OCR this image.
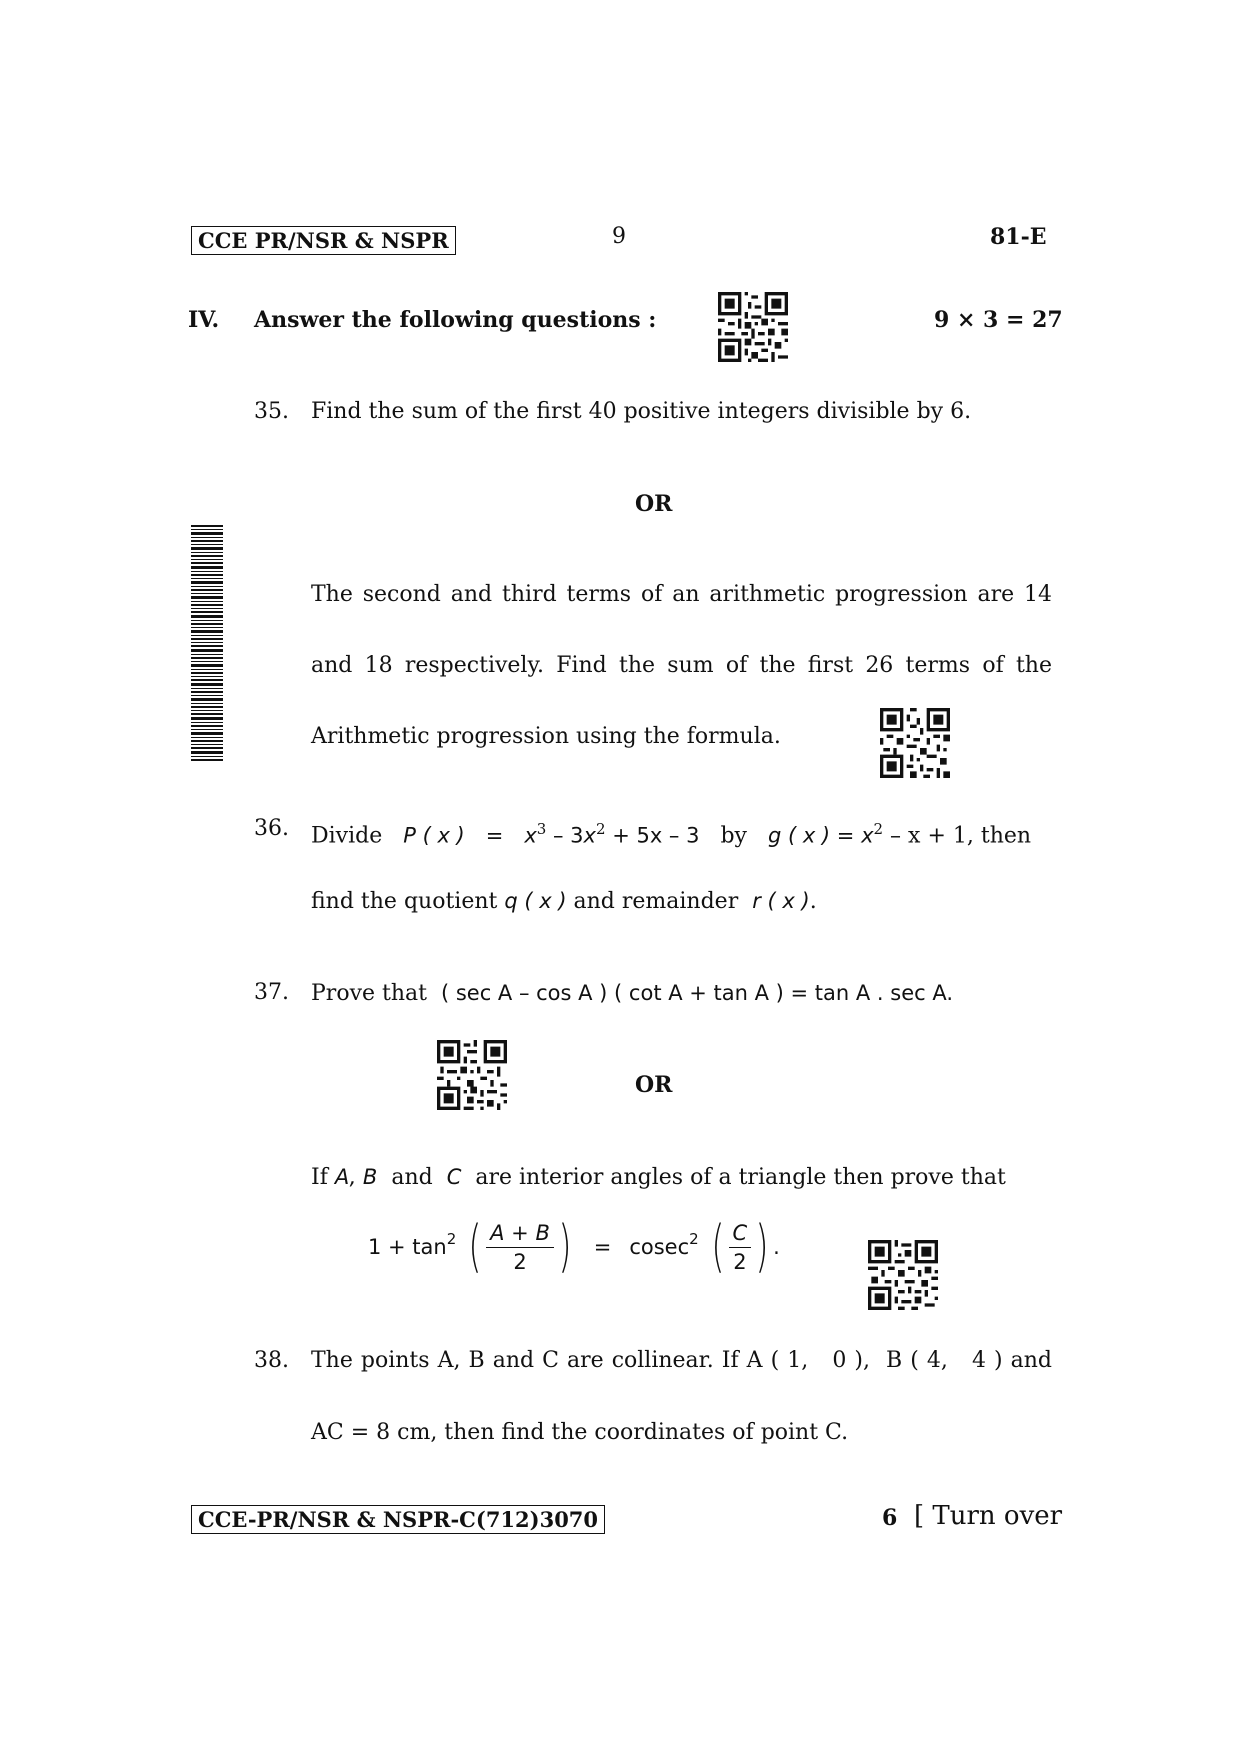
CCE PR/NSR & NSPR	9	81-E
IV. Answer the following questions :	9 × 3 = 27
35. Find the sum of the first 40 positive integers divisible by 6.
OR
The second and third terms of an arithmetic progression are 14
and 18 respectively. Find the sum of the first 26 terms of the
Arithmetic progression using the formula.
36. Divide P ( x ) = $x^3 - 3x^2 + 5x - 3$ by g ( x ) = $x^2 - x + 1$, then
find the quotient q ( x ) and remainder  r ( x ).
37. Prove that  ( sec A – cos A ) ( cot A + tan A ) = tan A . sec A.
OR
If A, B  and  C  are interior angles of a triangle then prove that
$1 + \tan^2$ ( $\frac{A + B}{2}$ ) = cosec$^2$ ( $\frac{C}{2}$ ) .
38. The points A, B and C are collinear. If A ( 1,   0 ),  B ( 4,   4 ) and
AC = 8 cm, then find the coordinates of point C.
CCE-PR/NSR & NSPR-C(712)3070	6 [ Turn over
